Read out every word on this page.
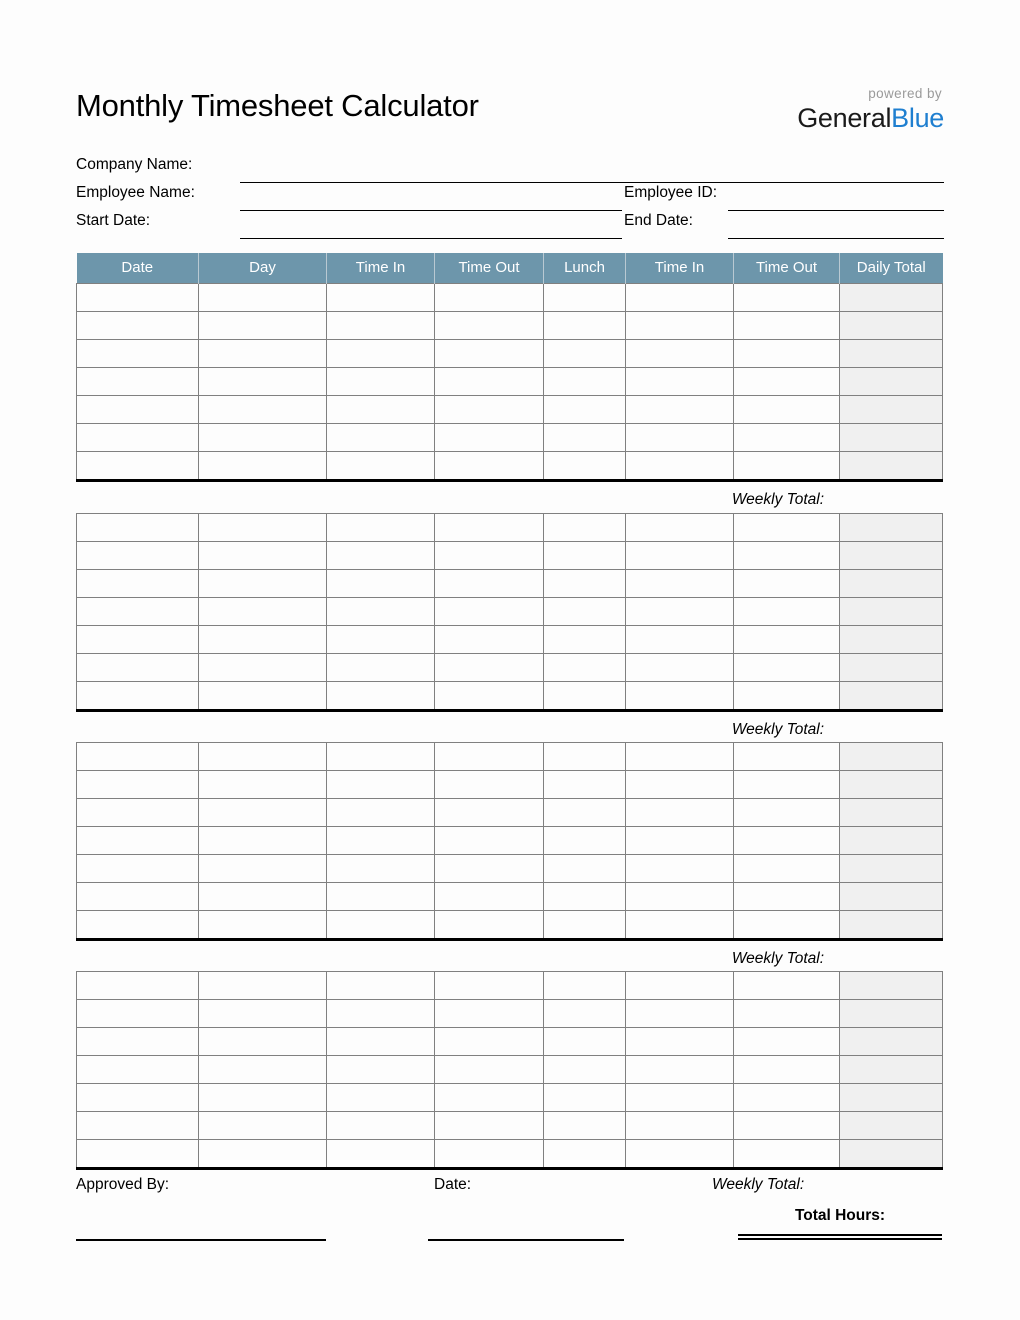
Monthly Timesheet Calculator	powered by
GeneralBlue
Company Name:
Employee Name:	Employee ID:
Start Date:	End Date:
Date	Day	Time In	Time Out	Lunch	Time In	Time Out	Daily Total

Weekly Total:

Weekly Total:

Weekly Total:

Approved By:	Date:	Weekly Total:
Total Hours:
